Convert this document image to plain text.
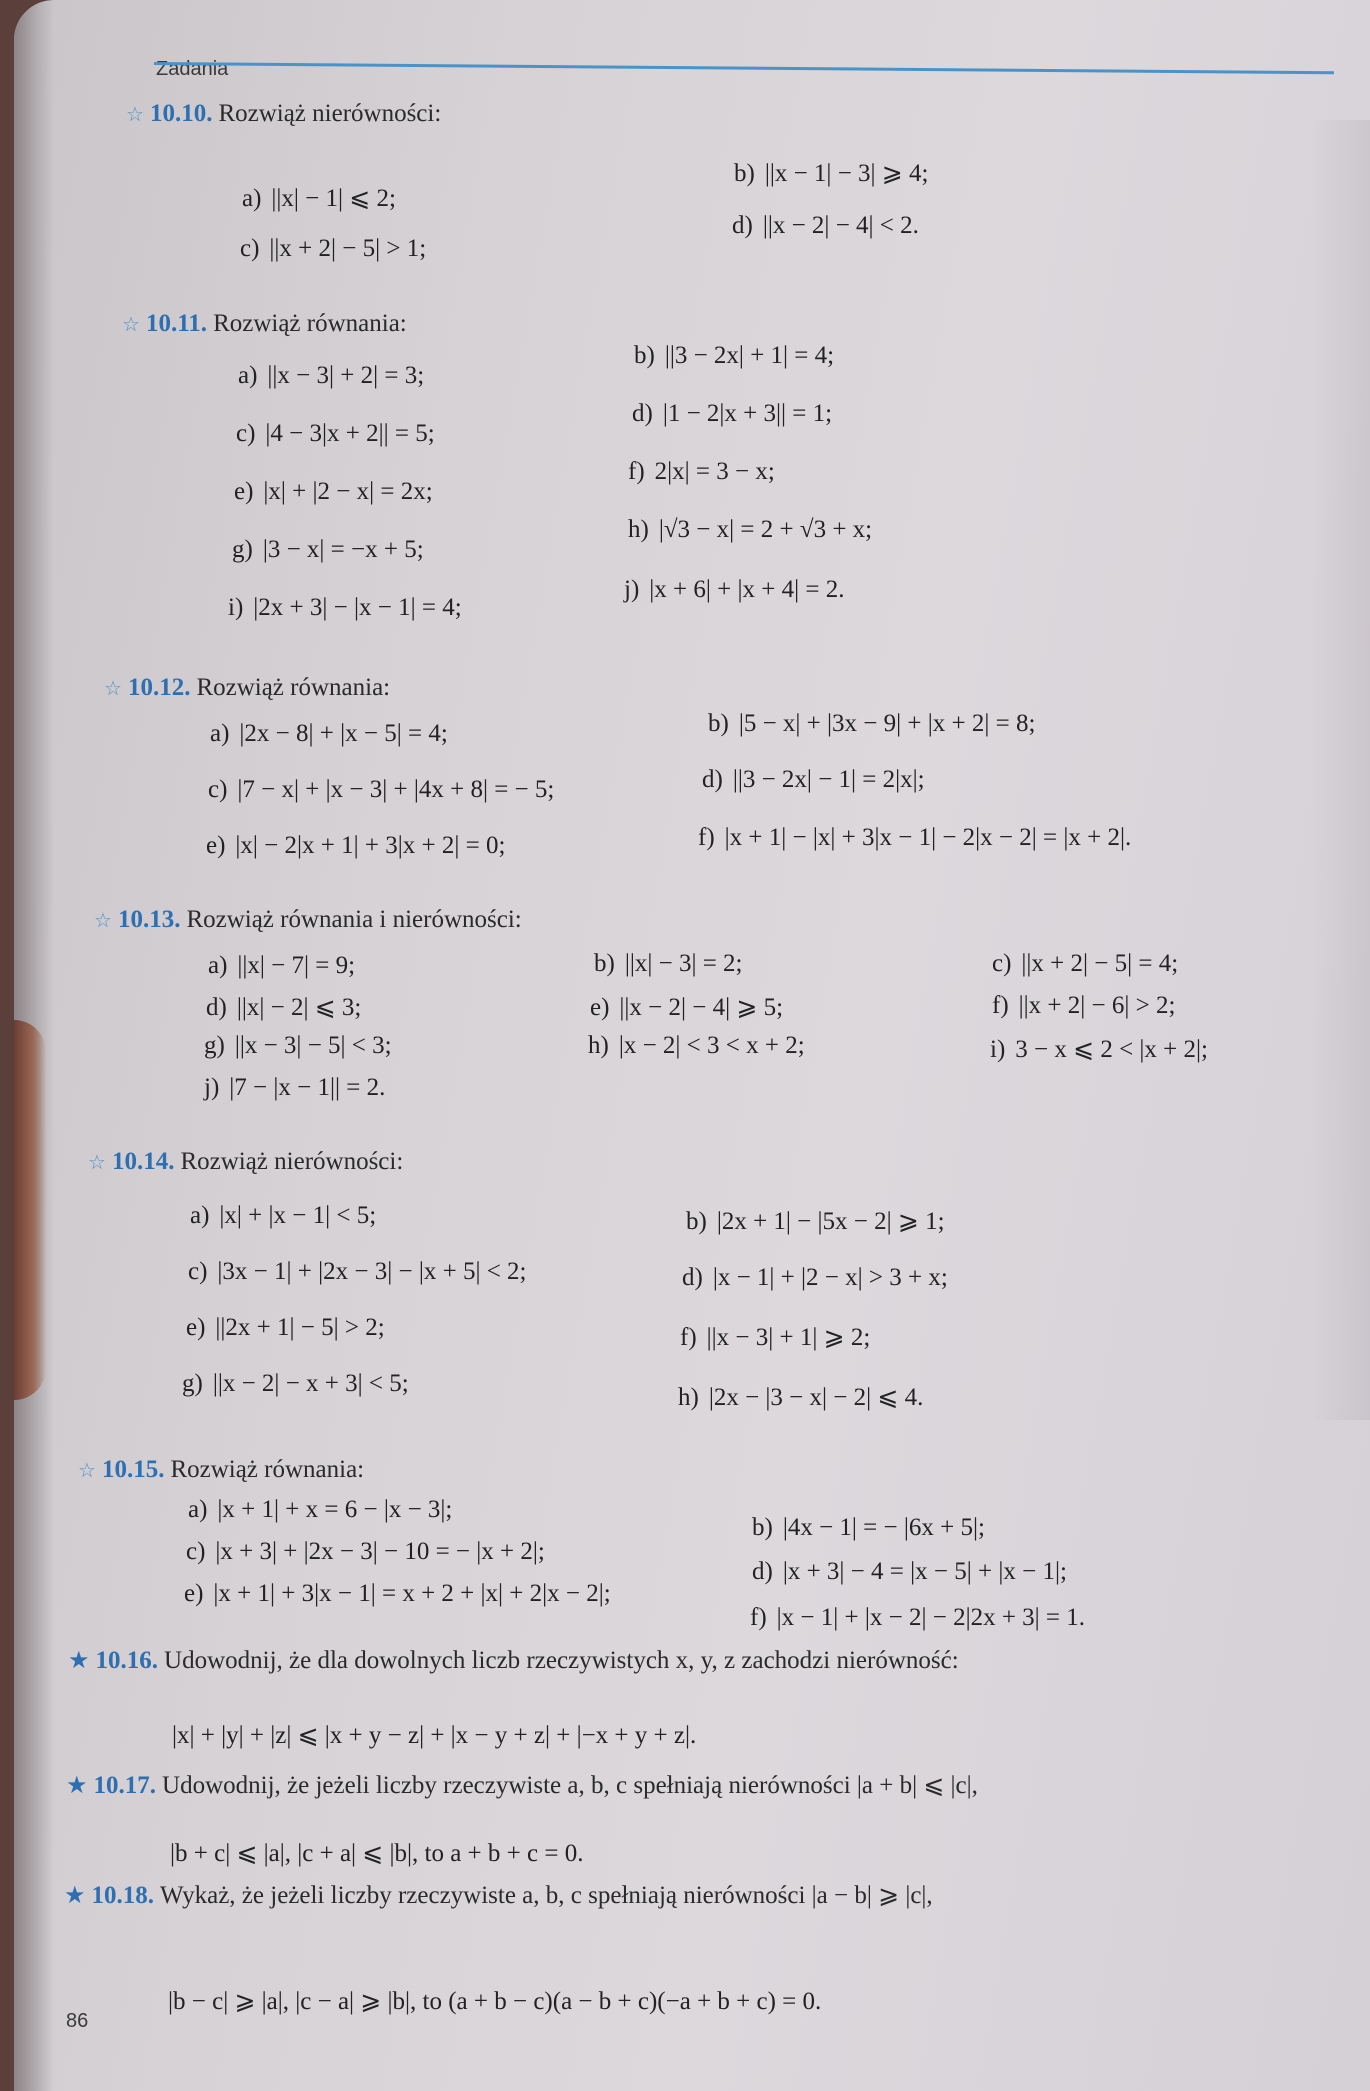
Zadania
☆ 10.10. Rozwiąż nierówności:
a) ||x| − 1| ⩽ 2;
b) ||x − 1| − 3| ⩾ 4;
c) ||x + 2| − 5| > 1;
d) ||x − 2| − 4| < 2.
☆ 10.11. Rozwiąż równania:
a) ||x − 3| + 2| = 3;
b) ||3 − 2x| + 1| = 4;
c) |4 − 3|x + 2|| = 5;
d) |1 − 2|x + 3|| = 1;
e) |x| + |2 − x| = 2x;
f) 2|x| = 3 − x;
g) |3 − x| = −x + 5;
h) |√3 − x| = 2 + √3 + x;
i) |2x + 3| − |x − 1| = 4;
j) |x + 6| + |x + 4| = 2.
☆ 10.12. Rozwiąż równania:
a) |2x − 8| + |x − 5| = 4;	b) |5 − x| + |3x − 9| + |x + 2| = 8;
c) |7 − x| + |x − 3| + |4x + 8| = − 5;	d) ||3 − 2x| − 1| = 2|x|;
e) |x| − 2|x + 1| + 3|x + 2| = 0;	f) |x + 1| − |x| + 3|x − 1| − 2|x − 2| = |x + 2|.
☆ 10.13. Rozwiąż równania i nierówności:
a) ||x| − 7| = 9;	b) ||x| − 3| = 2;	c) ||x + 2| − 5| = 4;
d) ||x| − 2| ⩽ 3;	e) ||x − 2| − 4| ⩾ 5;	f) ||x + 2| − 6| > 2;
g) ||x − 3| − 5| < 3;	h) |x − 2| < 3 < x + 2;	i) 3 − x ⩽ 2 < |x + 2|;
j) |7 − |x − 1|| = 2.
☆ 10.14. Rozwiąż nierówności:
a) |x| + |x − 1| < 5;	b) |2x + 1| − |5x − 2| ⩾ 1;
c) |3x − 1| + |2x − 3| − |x + 5| < 2;	d) |x − 1| + |2 − x| > 3 + x;
e) ||2x + 1| − 5| > 2;	f) ||x − 3| + 1| ⩾ 2;
g) ||x − 2| − x + 3| < 5;
h) |2x − |3 − x| − 2| ⩽ 4.
☆ 10.15. Rozwiąż równania:
a) |x + 1| + x = 6 − |x − 3|;
b) |4x − 1| = − |6x + 5|;
c) |x + 3| + |2x − 3| − 10 = − |x + 2|;
d) |x + 3| − 4 = |x − 5| + |x − 1|;
e) |x + 1| + 3|x − 1| = x + 2 + |x| + 2|x − 2|;
f) |x − 1| + |x − 2| − 2|2x + 3| = 1.
★ 10.16. Udowodnij, że dla dowolnych liczb rzeczywistych x, y, z zachodzi nierówność:
|x| + |y| + |z| ⩽ |x + y − z| + |x − y + z| + |−x + y + z|.
★ 10.17. Udowodnij, że jeżeli liczby rzeczywiste a, b, c spełniają nierówności |a + b| ⩽ |c|,
|b + c| ⩽ |a|, |c + a| ⩽ |b|, to a + b + c = 0.
★ 10.18. Wykaż, że jeżeli liczby rzeczywiste a, b, c spełniają nierówności |a − b| ⩾ |c|,
|b − c| ⩾ |a|, |c − a| ⩾ |b|, to (a + b − c)(a − b + c)(−a + b + c) = 0.
86
